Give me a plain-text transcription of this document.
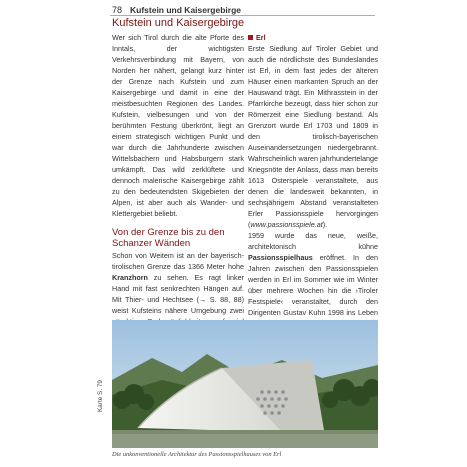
78 Kufstein und Kaisergebirge
Kufstein und Kaisergebirge
Wer sich Tirol durch die alte Pforte des Inntals, der wichtigsten Verkehrsverbindung mit Bayern, von Norden her nähert, gelangt kurz hinter der Grenze nach Kufstein und zum Kaisergebirge und damit in eine der meistbesuchten Regionen des Landes. Kufstein, vielbesungen und von der berühmten Festung überkrönt, liegt an einem strategisch wichtigen Punkt und war durch die Jahrhunderte zwischen Wittelsbachern und Habsburgern stark umkämpft. Das wild zerklüftete und dennoch malerische Kaisergebirge zählt zu den bedeutendsten Skigebieten der Alpen, ist aber auch als Wander- und Klettergebiet beliebt.
Von der Grenze bis zu den
Schanzer Wänden

Schon von Weitem ist an der bayerisch-tirolischen Grenze das 1366 Meter hohe Kranzhorn zu sehen. Es ragt linker Hand mit fast senkrechten Hängen auf. Mit Thier- und Hechtsee (→ S. 88, 88) weist Kufsteins nähere Umgebung zwei

Erl

Erste Siedlung auf Tiroler Gebiet und auch die nördlichste des Bundeslandes ist Erl, in dem fast jedes der älteren Häuser einen markanten Spruch an der Hauswand trägt. Ein Mithrasstein in der Pfarrkirche bezeugt, dass hier schon zur Römerzeit eine Siedlung bestand. Als Grenzort wurde Erl 1703 und 1809 in den tirolisch-bayerischen Auseinandersetzungen niedergebrannt. Wahrscheinlich waren jahrhundertelange Kriegsnöte der Anlass, dass man bereits 1613 Osterspiele veranstaltete, aus denen die landesweit bekannten, in sechsjährigem Abstand veranstalteten Erler Passionsspiele hervorgingen (www.passionsspiele.at).

1959 wurde das neue, weiße, architektonisch kühne Passionsspielhaus eröffnet. In den Jahren zwischen den Passionsspielen werden in Erl im Sommer wie im Winter über mehrere Wochen hin die ›Tiroler Festspiele‹ veranstaltet, durch den Dirigenten Gustav Kuhn 1998 ins Leben

Die unkonventionelle Architektur des Passionsspielhauses von Erl
Karte S. 79
